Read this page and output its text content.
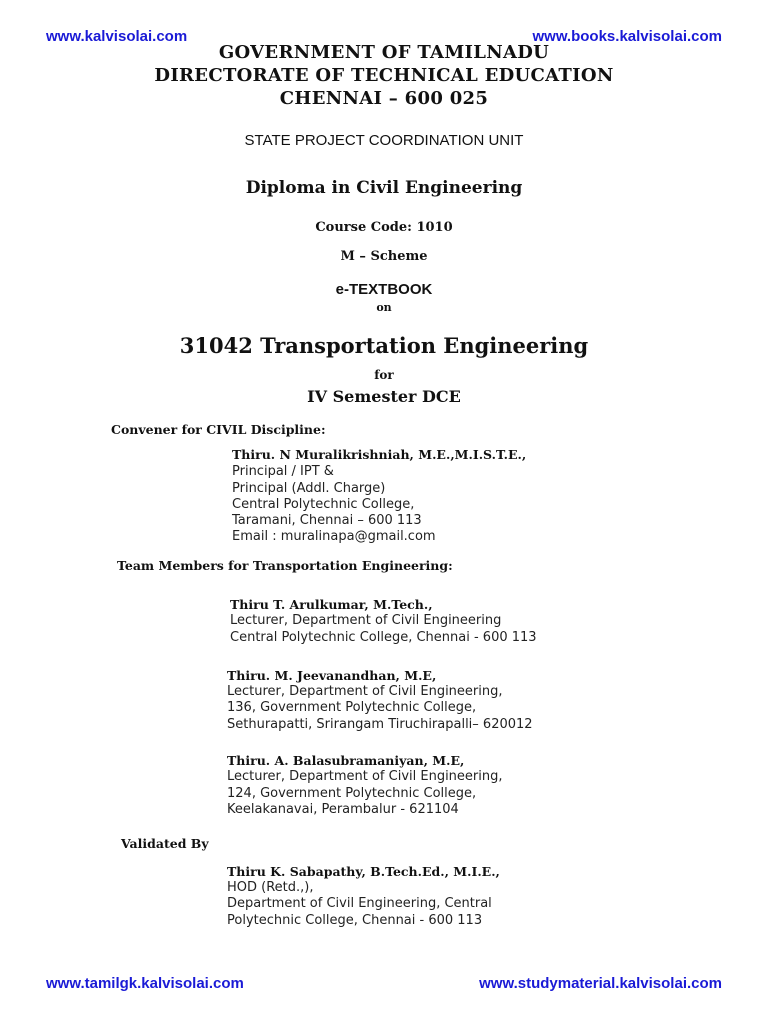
www.kalvisolai.com	www.books.kalvisolai.com
GOVERNMENT OF TAMILNADU
DIRECTORATE OF TECHNICAL EDUCATION
CHENNAI – 600 025
STATE PROJECT COORDINATION UNIT
Diploma in Civil Engineering
Course Code: 1010
M – Scheme
e-TEXTBOOK
on
31042 Transportation Engineering
for
IV Semester DCE
Convener for CIVIL Discipline:
Thiru. N Muralikrishniah, M.E.,M.I.S.T.E.,
Principal / IPT &
Principal (Addl. Charge)
Central Polytechnic College,
Taramani, Chennai – 600 113
Email : muralinapa@gmail.com
Team Members for Transportation Engineering:
Thiru T. Arulkumar, M.Tech.,
Lecturer, Department of Civil Engineering
Central Polytechnic College, Chennai - 600 113
Thiru. M. Jeevanandhan, M.E,
Lecturer, Department of Civil Engineering,
136, Government Polytechnic College,
Sethurapatti, Srirangam Tiruchirapalli– 620012
Thiru. A. Balasubramaniyan, M.E,
Lecturer, Department of Civil Engineering,
124, Government Polytechnic College,
Keelakanavai, Perambalur - 621104
Validated By
Thiru K. Sabapathy, B.Tech.Ed., M.I.E.,
HOD (Retd.,),
Department of Civil Engineering, Central
Polytechnic College, Chennai - 600 113
www.tamilgk.kalvisolai.com	www.studymaterial.kalvisolai.com
